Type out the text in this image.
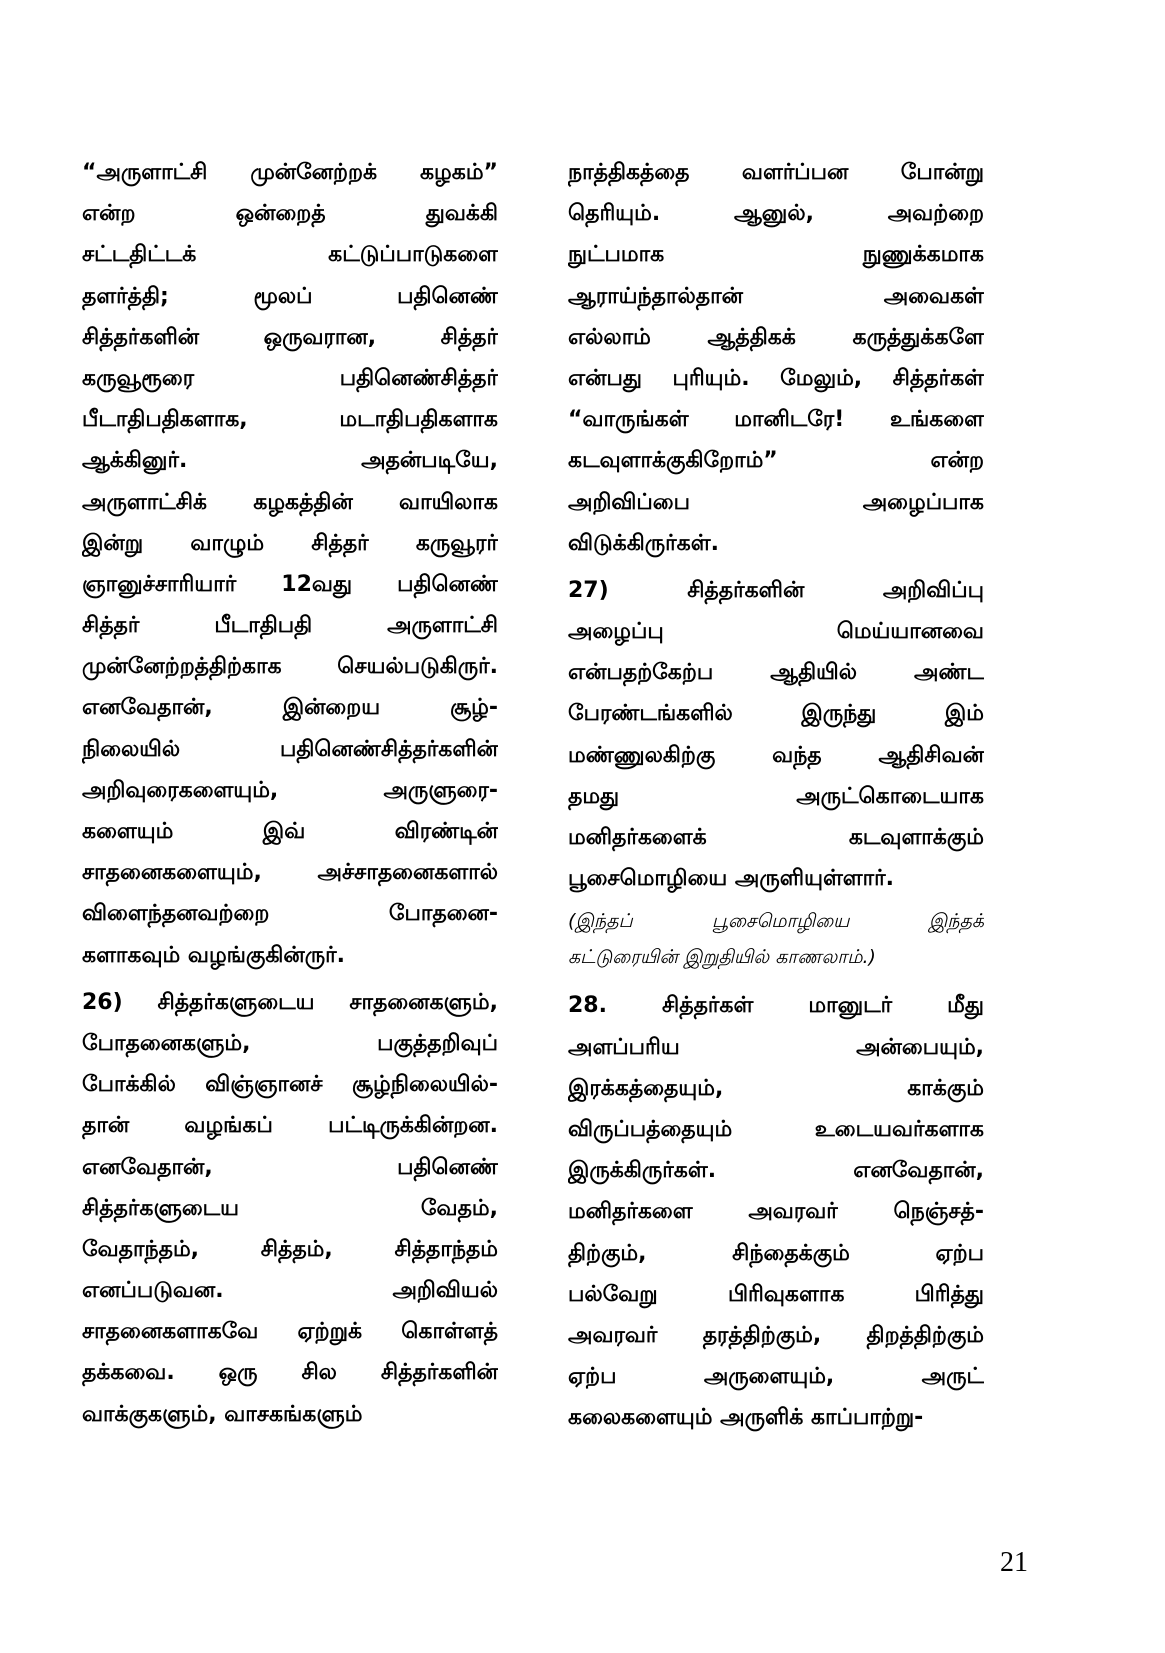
“அருளாட்சி முன்னேற்றக் கழகம்”
என்ற ஒன்றைத் துவக்கி
சட்டதிட்டக் கட்டுப்பாடுகளை
தளர்த்தி; மூலப் பதினெண்
சித்தர்களின் ஒருவரான, சித்தர்
கருவூரூரை பதினெண்சித்தர்
பீடாதிபதிகளாக, மடாதிபதிகளாக
ஆக்கினுர். அதன்படியே,
அருளாட்சிக் கழகத்தின் வாயிலாக
இன்று வாழும் சித்தர் கருவூரர்
ஞானுச்சாரியார் 12வது பதினெண்
சித்தர் பீடாதிபதி அருளாட்சி
முன்னேற்றத்திற்காக செயல்படுகிருர்.
எனவேதான், இன்றைய சூழ்-
நிலையில் பதினெண்சித்தர்களின்
அறிவுரைகளையும், அருளுரை-
களையும் இவ் விரண்டின்
சாதனைகளையும், அச்சாதனைகளால்
விளைந்தனவற்றை போதனை-
களாகவும் வழங்குகின்ருர்.
26) சித்தர்களுடைய சாதனைகளும்,
போதனைகளும், பகுத்தறிவுப்
போக்கில் விஞ்ஞானச் சூழ்நிலையில்-
தான் வழங்கப் பட்டிருக்கின்றன.
எனவேதான், பதினெண்
சித்தர்களுடைய வேதம்,
வேதாந்தம், சித்தம், சித்தாந்தம்
எனப்படுவன. அறிவியல்
சாதனைகளாகவே ஏற்றுக் கொள்ளத்
தக்கவை. ஒரு சில சித்தர்களின்
வாக்குகளும், வாசகங்களும்
நாத்திகத்தை வளர்ப்பன போன்று
தெரியும். ஆனுல், அவற்றை
நுட்பமாக நுணுக்கமாக
ஆராய்ந்தால்தான் அவைகள்
எல்லாம் ஆத்திகக் கருத்துக்களே
என்பது புரியும். மேலும், சித்தர்கள்
“வாருங்கள் மானிடரே! உங்களை
கடவுளாக்குகிறோம்” என்ற
அறிவிப்பை அழைப்பாக
விடுக்கிருர்கள்.
27) சித்தர்களின் அறிவிப்பு
அழைப்பு மெய்யானவை
என்பதற்கேற்ப ஆதியில் அண்ட
பேரண்டங்களில் இருந்து இம்
மண்ணுலகிற்கு வந்த ஆதிசிவன்
தமது அருட்கொடையாக
மனிதர்களைக் கடவுளாக்கும்
பூசைமொழியை அருளியுள்ளார்.
(இந்தப் பூசைமொழியை இந்தக்
கட்டுரையின் இறுதியில் காணலாம்.)
28. சித்தர்கள் மானுடர் மீது
அளப்பரிய அன்பையும்,
இரக்கத்தையும், காக்கும்
விருப்பத்தையும் உடையவர்களாக
இருக்கிருர்கள். எனவேதான்,
மனிதர்களை அவரவர் நெஞ்சத்-
திற்கும், சிந்தைக்கும் ஏற்ப
பல்வேறு பிரிவுகளாக பிரித்து
அவரவர் தரத்திற்கும், திறத்திற்கும்
ஏற்ப அருளையும், அருட்
கலைகளையும் அருளிக் காப்பாற்று-
21
